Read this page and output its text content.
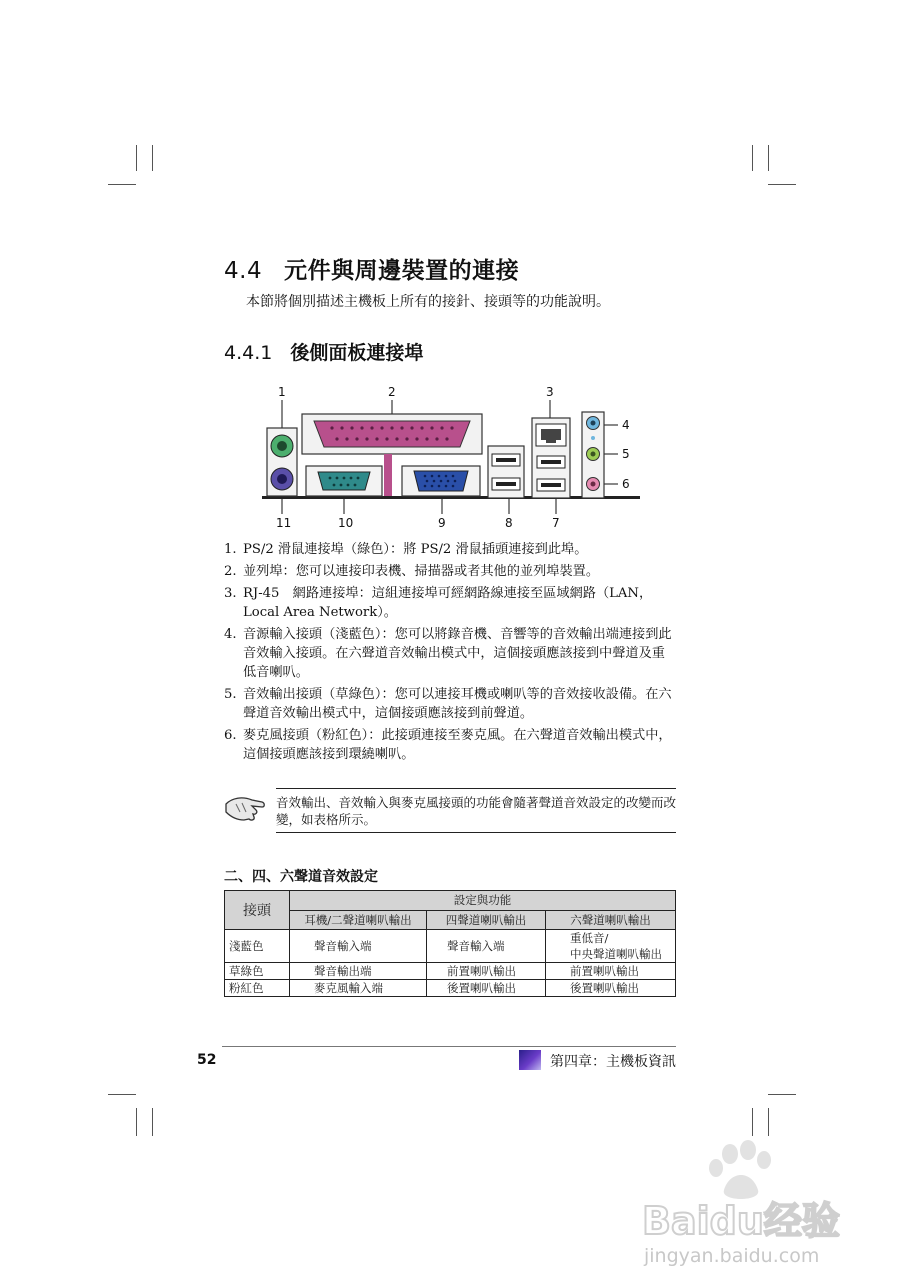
4.4 元件與周邊裝置的連接
本節將個別描述主機板上所有的接針、接頭等的功能說明。
4.4.1 後側面板連接埠
1	2	3
4
5
6
11	10	9	8	7
1. PS/2 滑鼠連接埠（綠色）：將 PS/2 滑鼠插頭連接到此埠。
2. 並列埠：您可以連接印表機、掃描器或者其他的並列埠裝置。
3. RJ-45　網路連接埠：這組連接埠可經網路線連接至區域網路（LAN，Local Area Network）。
4. 音源輸入接頭（淺藍色）：您可以將錄音機、音響等的音效輸出端連接到此音效輸入接頭。在六聲道音效輸出模式中，這個接頭應該接到中聲道及重低音喇叭。
5. 音效輸出接頭（草綠色）：您可以連接耳機或喇叭等的音效接收設備。在六聲道音效輸出模式中，這個接頭應該接到前聲道。
6. 麥克風接頭（粉紅色）：此接頭連接至麥克風。在六聲道音效輸出模式中，這個接頭應該接到環繞喇叭。
音效輸出、音效輸入與麥克風接頭的功能會隨著聲道音效設定的改變而改變，如表格所示。
二、四、六聲道音效設定
接頭	設定與功能		
	耳機/二聲道喇叭輸出	四聲道喇叭輸出	六聲道喇叭輸出
淺藍色	聲音輸入端	聲音輸入端	重低音/
中央聲道喇叭輸出
草綠色	聲音輸出端	前置喇叭輸出	前置喇叭輸出
粉紅色	麥克風輸入端	後置喇叭輸出	後置喇叭輸出
52	第四章：主機板資訊
Baidu经验
jingyan.baidu.com
